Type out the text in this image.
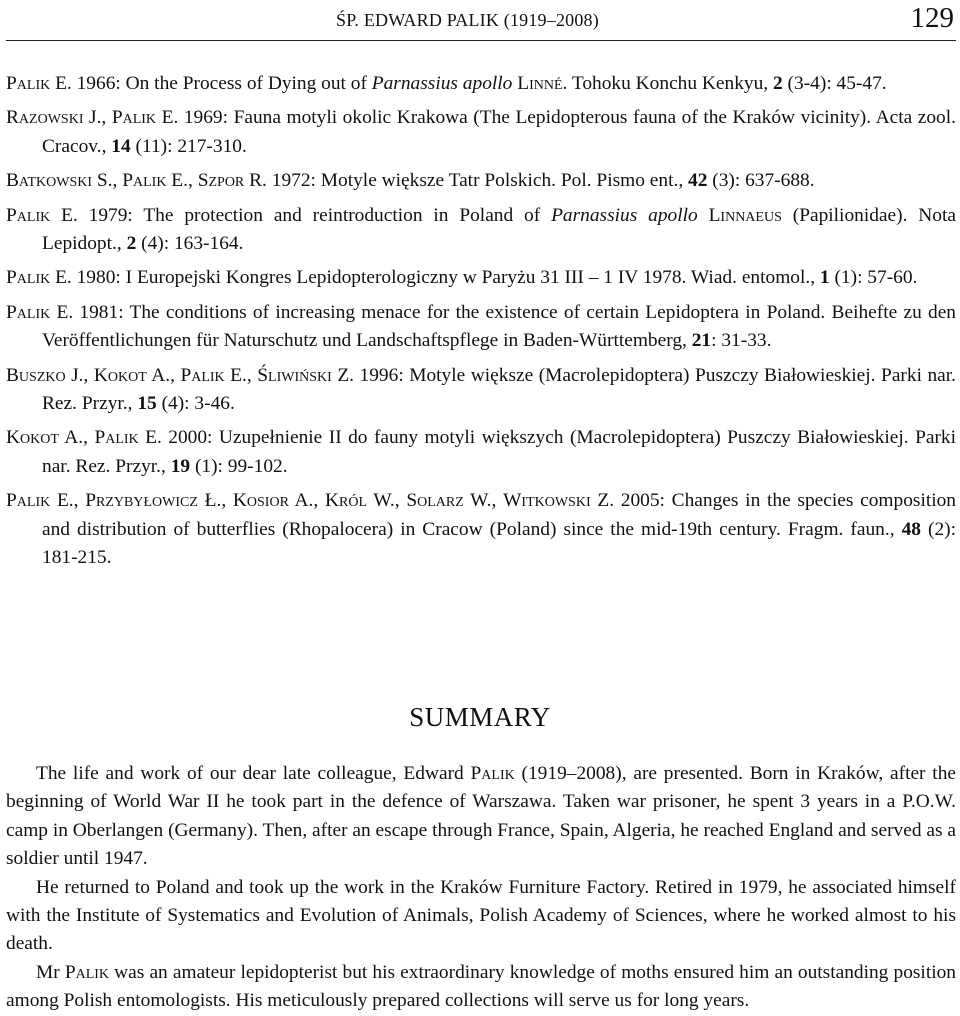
ŚP. EDWARD PALIK (1919–2008)	129
Palik E. 1966: On the Process of Dying out of Parnassius apollo Linné. Tohoku Konchu Kenkyu, 2 (3-4): 45-47.
Razowski J., Palik E. 1969: Fauna motyli okolic Krakowa (The Lepidopterous fauna of the Kraków vicinity). Acta zool. Cracov., 14 (11): 217-310.
Batkowski S., Palik E., Szpor R. 1972: Motyle większe Tatr Polskich. Pol. Pismo ent., 42 (3): 637-688.
Palik E. 1979: The protection and reintroduction in Poland of Parnassius apollo Linnaeus (Papilionidae). Nota Lepidopt., 2 (4): 163-164.
Palik E. 1980: I Europejski Kongres Lepidopterologiczny w Paryżu 31 III – 1 IV 1978. Wiad. entomol., 1 (1): 57-60.
Palik E. 1981: The conditions of increasing menace for the existence of certain Lepidoptera in Poland. Beihefte zu den Veröffentlichungen für Naturschutz und Landschaftspflege in Baden-Württemberg, 21: 31-33.
Buszko J., Kokot A., Palik E., Śliwiński Z. 1996: Motyle większe (Macrolepidoptera) Puszczy Białowieskiej. Parki nar. Rez. Przyr., 15 (4): 3-46.
Kokot A., Palik E. 2000: Uzupełnienie II do fauny motyli większych (Macrolepidoptera) Puszczy Białowieskiej. Parki nar. Rez. Przyr., 19 (1): 99-102.
Palik E., Przybyłowicz Ł., Kosior A., Król W., Solarz W., Witkowski Z. 2005: Changes in the species composition and distribution of butterflies (Rhopalocera) in Cracow (Poland) since the mid-19th century. Fragm. faun., 48 (2): 181-215.
SUMMARY

The life and work of our dear late colleague, Edward Palik (1919–2008), are presented. Born in Kraków, after the beginning of World War II he took part in the defence of Warszawa. Taken war prisoner, he spent 3 years in a P.O.W. camp in Oberlangen (Germany). Then, after an escape through France, Spain, Algeria, he reached England and served as a soldier until 1947.

He returned to Poland and took up the work in the Kraków Furniture Factory. Retired in 1979, he associated himself with the Institute of Systematics and Evolution of Animals, Polish Academy of Sciences, where he worked almost to his death.

Mr Palik was an amateur lepidopterist but his extraordinary knowledge of moths ensured him an outstanding position among Polish entomologists. His meticulously prepared collections will serve us for long years.
